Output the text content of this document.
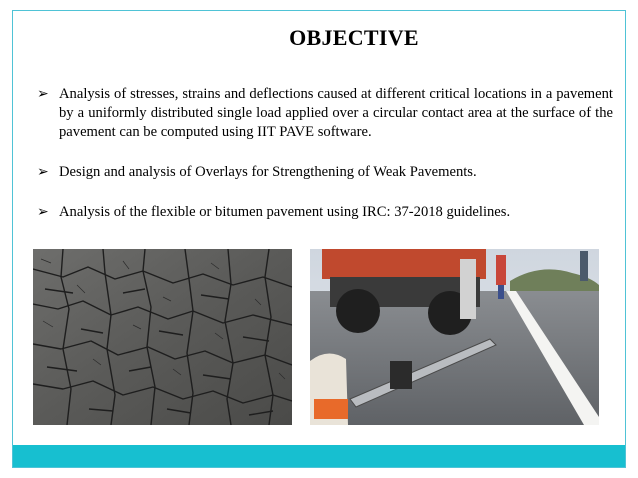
OBJECTIVE
➢ Analysis of stresses, strains and deflections caused at different critical locations in a pavement by a uniformly distributed single load applied over a circular contact area at the surface of the pavement can be computed using IIT PAVE software.
➢ Design and analysis of Overlays for Strengthening of Weak Pavements.
➢ Analysis of the flexible or bitumen pavement using IRC: 37-2018 guidelines.
